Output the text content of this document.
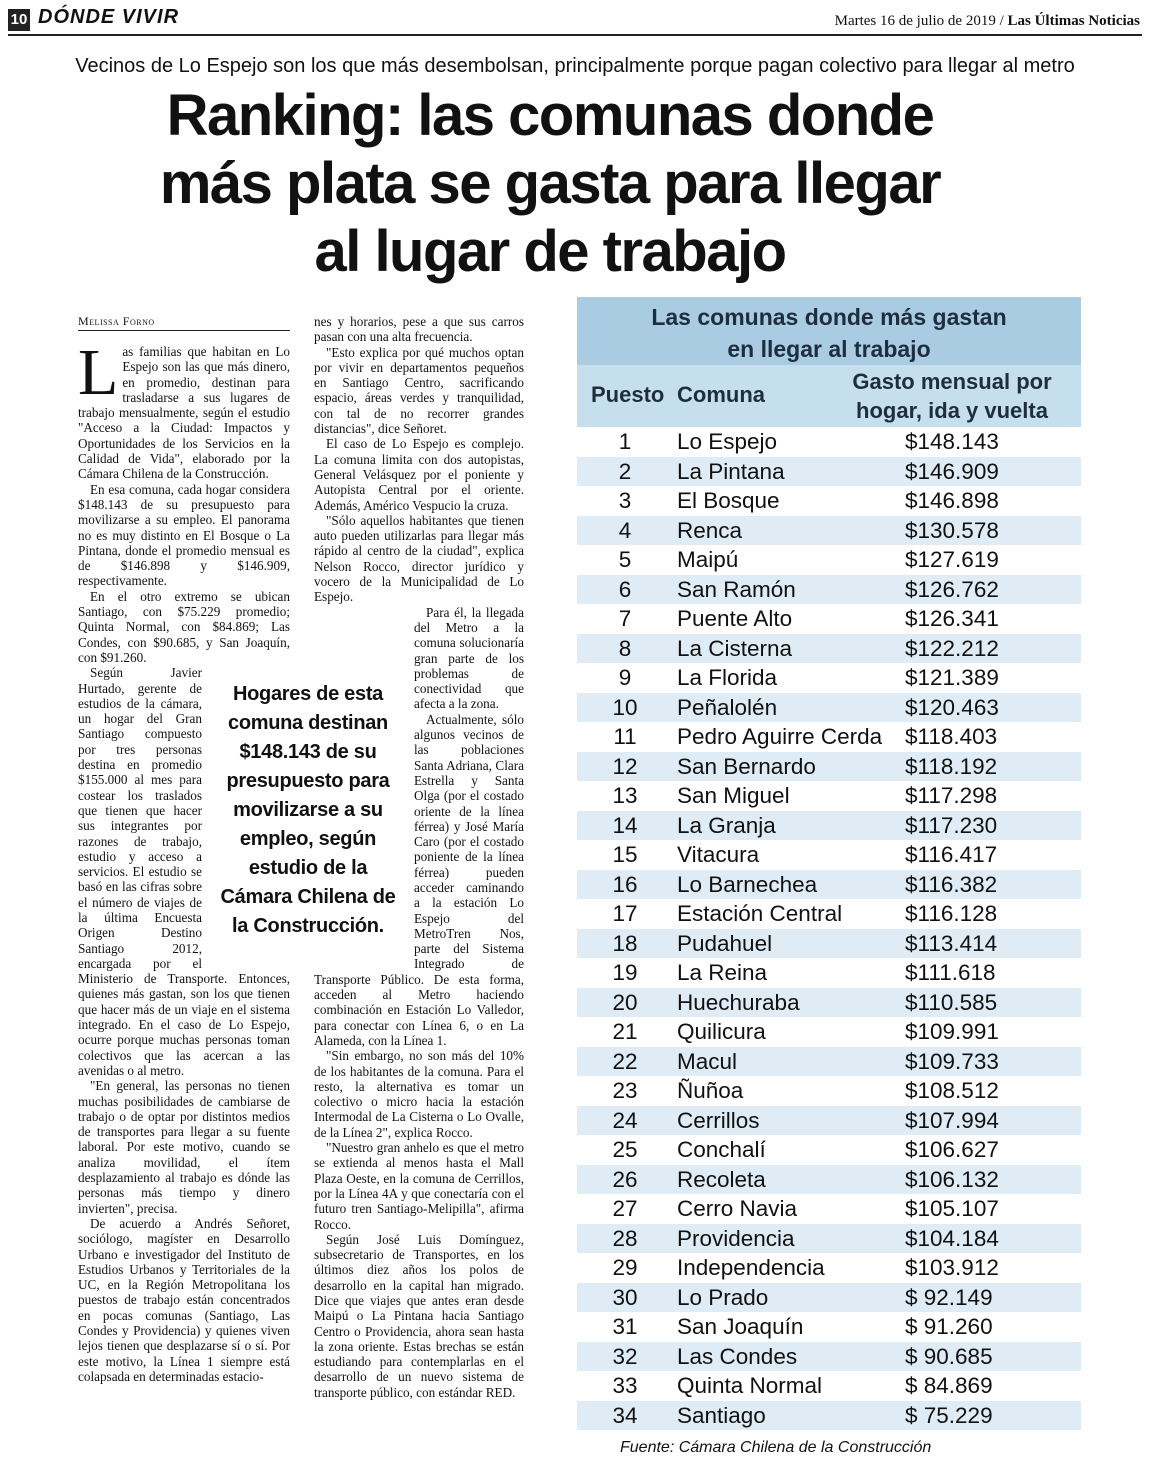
10 DÓNDE VIVIR	Martes 16 de julio de 2019 / Las Últimas Noticias
Vecinos de Lo Espejo son los que más desembolsan, principalmente porque pagan colectivo para llegar al metro
Ranking: las comunas donde
más plata se gasta para llegar
al lugar de trabajo
Melissa Forno

Las familias que habitan en Lo Espejo son las que más dinero, en promedio, destinan para trasladarse a sus lugares de trabajo mensualmente, según el estudio "Acceso a la Ciudad: Impactos y Oportunidades de los Servicios en la Calidad de Vida", elaborado por la Cámara Chilena de la Construcción.

En esa comuna, cada hogar considera $148.143 de su presupuesto para movilizarse a su empleo. El panorama no es muy distinto en El Bosque o La Pintana, donde el promedio mensual es de $146.898 y $146.909, respectivamente.

En el otro extremo se ubican Santiago, con $75.229 promedio; Quinta Normal, con $84.869; Las Condes, con $90.685, y San Joaquín, con $91.260.

Según Javier Hurtado, gerente de estudios de la cámara, un hogar del Gran Santiago compuesto por tres personas destina en promedio $155.000 al mes para costear los traslados que tienen que hacer sus integrantes por razones de trabajo, estudio y acceso a servicios. El estudio se basó en las cifras sobre el número de viajes de la última Encuesta Origen Destino Santiago 2012, encargada por el Ministerio de Transporte. Entonces, quienes más gastan, son los que tienen que hacer más de un viaje en el sistema integrado. En el caso de Lo Espejo, ocurre porque muchas personas toman colectivos que las acercan a las avenidas o al metro.

"En general, las personas no tienen muchas posibilidades de cambiarse de trabajo o de optar por distintos medios de transportes para llegar a su fuente laboral. Por este motivo, cuando se analiza movilidad, el ítem desplazamiento al trabajo es dónde las personas más tiempo y dinero invierten", precisa.

De acuerdo a Andrés Señoret, sociólogo, magíster en Desarrollo Urbano e investigador del Instituto de Estudios Urbanos y Territoriales de la UC, en la Región Metropolitana los puestos de trabajo están concentrados en pocas comunas (Santiago, Las Condes y Providencia) y quienes viven lejos tienen que desplazarse sí o sí. Por este motivo, la Línea 1 siempre está colapsada en determinadas estacio-

nes y horarios, pese a que sus carros pasan con una alta frecuencia.

"Esto explica por qué muchos optan por vivir en departamentos pequeños en Santiago Centro, sacrificando espacio, áreas verdes y tranquilidad, con tal de no recorrer grandes distancias", dice Señoret.

El caso de Lo Espejo es complejo. La comuna limita con dos autopistas, General Velásquez por el poniente y Autopista Central por el oriente. Además, Américo Vespucio la cruza.

"Sólo aquellos habitantes que tienen auto pueden utilizarlas para llegar más rápido al centro de la ciudad", explica Nelson Rocco, director jurídico y vocero de la Municipalidad de Lo Espejo.

Para él, la llegada del Metro a la comuna solucionaría gran parte de los problemas de conectividad que afecta a la zona.

Actualmente, sólo algunos vecinos de las poblaciones Santa Adriana, Clara Estrella y Santa Olga (por el costado oriente de la línea férrea) y José María Caro (por el costado poniente de la línea férrea) pueden acceder caminando a la estación Lo Espejo del MetroTren Nos, parte del Sistema Integrado de Transporte Público. De esta forma, acceden al Metro haciendo combinación en Estación Lo Valledor, para conectar con Línea 6, o en La Alameda, con la Línea 1.

"Sin embargo, no son más del 10% de los habitantes de la comuna. Para el resto, la alternativa es tomar un colectivo o micro hacia la estación Intermodal de La Cisterna o Lo Ovalle, de la Línea 2", explica Rocco.

"Nuestro gran anhelo es que el metro se extienda al menos hasta el Mall Plaza Oeste, en la comuna de Cerrillos, por la Línea 4A y que conectaría con el futuro tren Santiago-Melipilla", afirma Rocco.

Según José Luis Domínguez, subsecretario de Transportes, en los últimos diez años los polos de desarrollo en la capital han migrado. Dice que viajes que antes eran desde Maipú o La Pintana hacia Santiago Centro o Providencia, ahora sean hasta la zona oriente. Estas brechas se están estudiando para contemplarlas en el desarrollo de un nuevo sistema de transporte público, con estándar RED.

Hogares de esta comuna destinan $148.143 de su presupuesto para movilizarse a su empleo, según estudio de la Cámara Chilena de la Construcción.
Las comunas donde más gastan
en llegar al trabajo
Puesto Comuna
Gasto mensual por
hogar, ida y vuelta
1	Lo Espejo	$148.143
2	La Pintana	$146.909
3	El Bosque	$146.898
4	Renca	$130.578
5	Maipú	$127.619
6	San Ramón	$126.762
7	Puente Alto	$126.341
8	La Cisterna	$122.212
9	La Florida	$121.389
10	Peñalolén	$120.463
11	Pedro Aguirre Cerda $118.403
12	San Bernardo	$118.192
13	San Miguel	$117.298
14	La Granja	$117.230
15	Vitacura	$116.417
16	Lo Barnechea	$116.382
17	Estación Central	$116.128
18	Pudahuel	$113.414
19	La Reina	$111.618
20	Huechuraba	$110.585
21	Quilicura	$109.991
22	Macul	$109.733
23	Ñuñoa	$108.512
24	Cerrillos	$107.994
25	Conchalí	$106.627
26	Recoleta	$106.132
27	Cerro Navia	$105.107
28	Providencia	$104.184
29	Independencia	$103.912
30	Lo Prado	$ 92.149
31	San Joaquín	$ 91.260
32	Las Condes	$ 90.685
33	Quinta Normal	$ 84.869
34	Santiago	$ 75.229
Fuente: Cámara Chilena de la Construcción
